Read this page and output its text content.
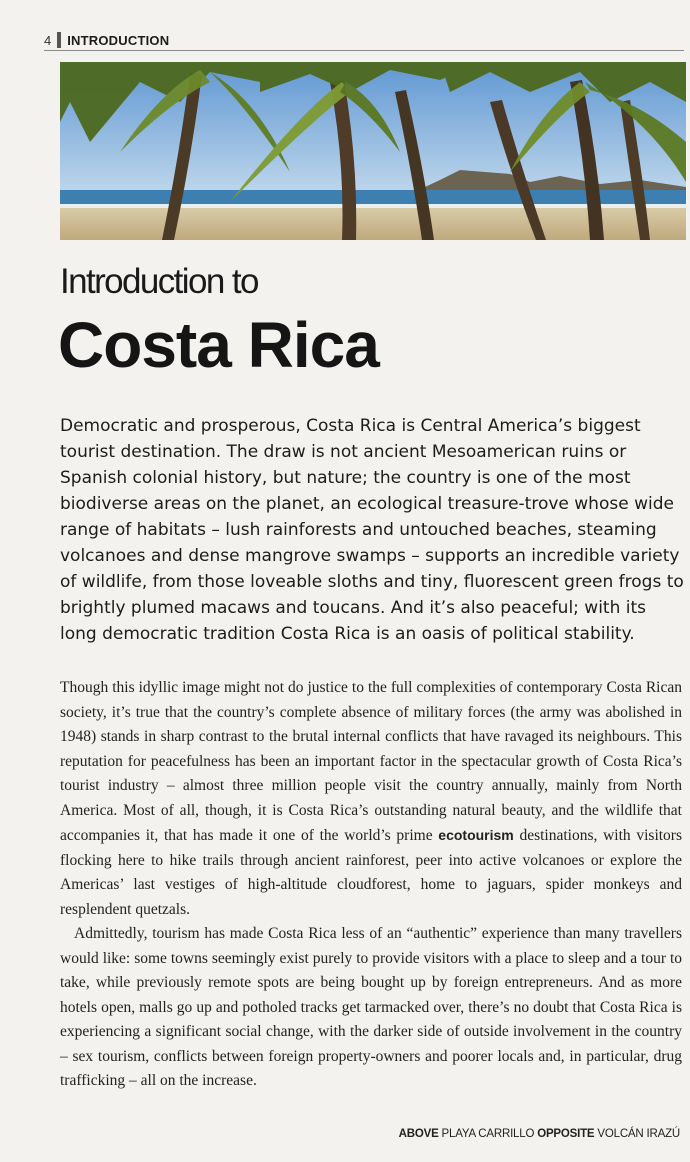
4 INTRODUCTION
Introduction to
Costa Rica

Democratic and prosperous, Costa Rica is Central America’s biggest tourist destination. The draw is not ancient Mesoamerican ruins or Spanish colonial history, but nature; the country is one of the most biodiverse areas on the planet, an ecological treasure-trove whose wide range of habitats – lush rainforests and untouched beaches, steaming volcanoes and dense mangrove swamps – supports an incredible variety of wildlife, from those loveable sloths and tiny, fluorescent green frogs to brightly plumed macaws and toucans. And it’s also peaceful; with its long democratic tradition Costa Rica is an oasis of political stability.

Though this idyllic image might not do justice to the full complexities of contemporary Costa Rican society, it’s true that the country’s complete absence of military forces (the army was abolished in 1948) stands in sharp contrast to the brutal internal conflicts that have ravaged its neighbours. This reputation for peacefulness has been an important factor in the spectacular growth of Costa Rica’s tourist industry – almost three million people visit the country annually, mainly from North America. Most of all, though, it is Costa Rica’s outstanding natural beauty, and the wildlife that accompanies it, that has made it one of the world’s prime ecotourism destinations, with visitors flocking here to hike trails through ancient rainforest, peer into active volcanoes or explore the Americas’ last vestiges of high-altitude cloudforest, home to jaguars, spider monkeys and resplendent quetzals.

Admittedly, tourism has made Costa Rica less of an “authentic” experience than many travellers would like: some towns seemingly exist purely to provide visitors with a place to sleep and a tour to take, while previously remote spots are being bought up by foreign entrepreneurs. And as more hotels open, malls go up and potholed tracks get tarmacked over, there’s no doubt that Costa Rica is experiencing a significant social change, with the darker side of outside involvement in the country – sex tourism, conflicts between foreign property-owners and poorer locals and, in particular, drug trafficking – all on the increase.

ABOVE PLAYA CARRILLO OPPOSITE VOLCÁN IRAZÚ
